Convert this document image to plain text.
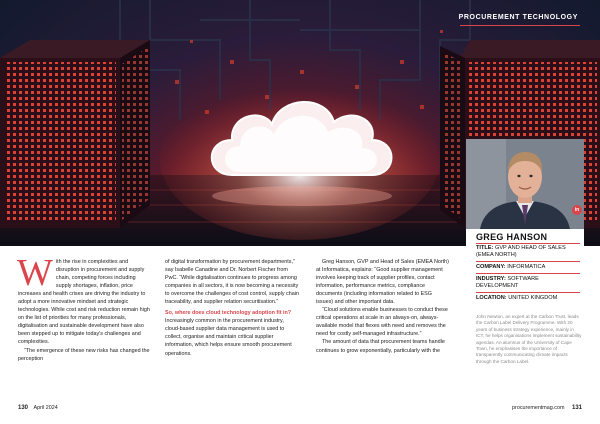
PROCUREMENT TECHNOLOGY

With the rise in complexities and disruption in procurement and supply chain, competing forces including supply shortages, inflation, price increases and health crises are driving the industry to adopt a more innovative mindset and strategic technologies. While cost and risk reduction remain high on the list of priorities for many professionals, digitalisation and sustainable development have also been stepped up to mitigate today's challenges and complexities.

“The emergence of these new risks has changed the perception

of digital transformation by procurement departments,” say Isabelle Canadine and Dr. Norbert Fischer from PwC. “While digitalisation continues to progress among companies in all sectors, it is now becoming a necessity to overcome the challenges of cost control, supply chain traceability, and supplier relation securitisation.”

So, where does cloud technology adoption fit in?

Increasingly common in the procurement industry, cloud-based supplier data management is used to collect, organise and maintain critical supplier information, which helps ensure smooth procurement operations.

Greg Hanson, GVP and Head of Sales (EMEA North) at Informatica, explains: “Good supplier management involves keeping track of supplier profiles, contact information, performance metrics, compliance documents (including information related to ESG issues) and other important data.

“Cloud solutions enable businesses to conduct these critical operations at scale in an always-on, always-available model that flexes with need and removes the need for costly self-managed infrastructure.”

The amount of data that procurement teams handle continues to grow exponentially, particularly with the

in
GREG HANSON
TITLE: GVP AND HEAD OF SALES (EMEA NORTH)
COMPANY: INFORMATICA
INDUSTRY: SOFTWARE DEVELOPMENT
LOCATION: UNITED KINGDOM
John Newton, an expert at the Carbon Trust, leads the Carbon Label Delivery Programme. With 20 years of business strategy experience, mainly in ICT, he helps organisations implement sustainability agendas. An alumnus of the University of Cape Town, he emphasises the importance of transparently communicating climate impacts through the Carbon Label.
130 April 2024	procurementmag.com 131
